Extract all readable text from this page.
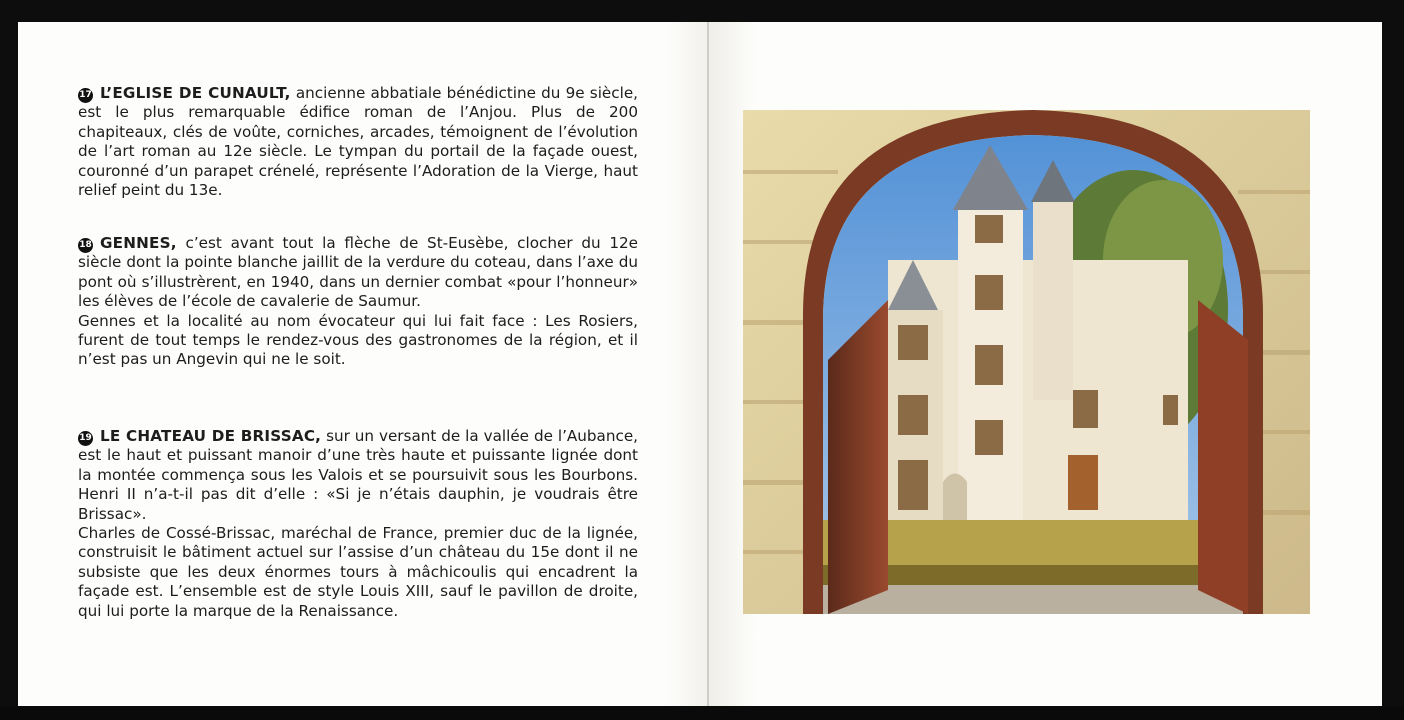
17 L’EGLISE DE CUNAULT, ancienne abbatiale bénédictine du 9e siècle, est le plus remarquable édifice roman de l’Anjou. Plus de 200 chapiteaux, clés de voûte, corniches, arcades, témoignent de l’évolution de l’art roman au 12e siècle. Le tympan du portail de la façade ouest, couronné d’un parapet crénelé, représente l’Adoration de la Vierge, haut relief peint du 13e.

18 GENNES, c’est avant tout la flèche de St-Eusèbe, clocher du 12e siècle dont la pointe blanche jaillit de la verdure du coteau, dans l’axe du pont où s’illustrèrent, en 1940, dans un dernier combat «pour l’honneur» les élèves de l’école de cavalerie de Saumur.

Gennes et la localité au nom évocateur qui lui fait face : Les Rosiers, furent de tout temps le rendez-vous des gastronomes de la région, et il n’est pas un Angevin qui ne le soit.

19 LE CHATEAU DE BRISSAC, sur un versant de la vallée de l’Aubance, est le haut et puissant manoir d’une très haute et puissante lignée dont la montée commença sous les Valois et se poursuivit sous les Bourbons. Henri II n’a-t-il pas dit d’elle : «Si je n’étais dauphin, je voudrais être Brissac».

Charles de Cossé-Brissac, maréchal de France, premier duc de la lignée, construisit le bâtiment actuel sur l’assise d’un château du 15e dont il ne subsiste que les deux énormes tours à mâchicoulis qui encadrent la façade est. L’ensemble est de style Louis XIII, sauf le pavillon de droite, qui lui porte la marque de la Renaissance.
